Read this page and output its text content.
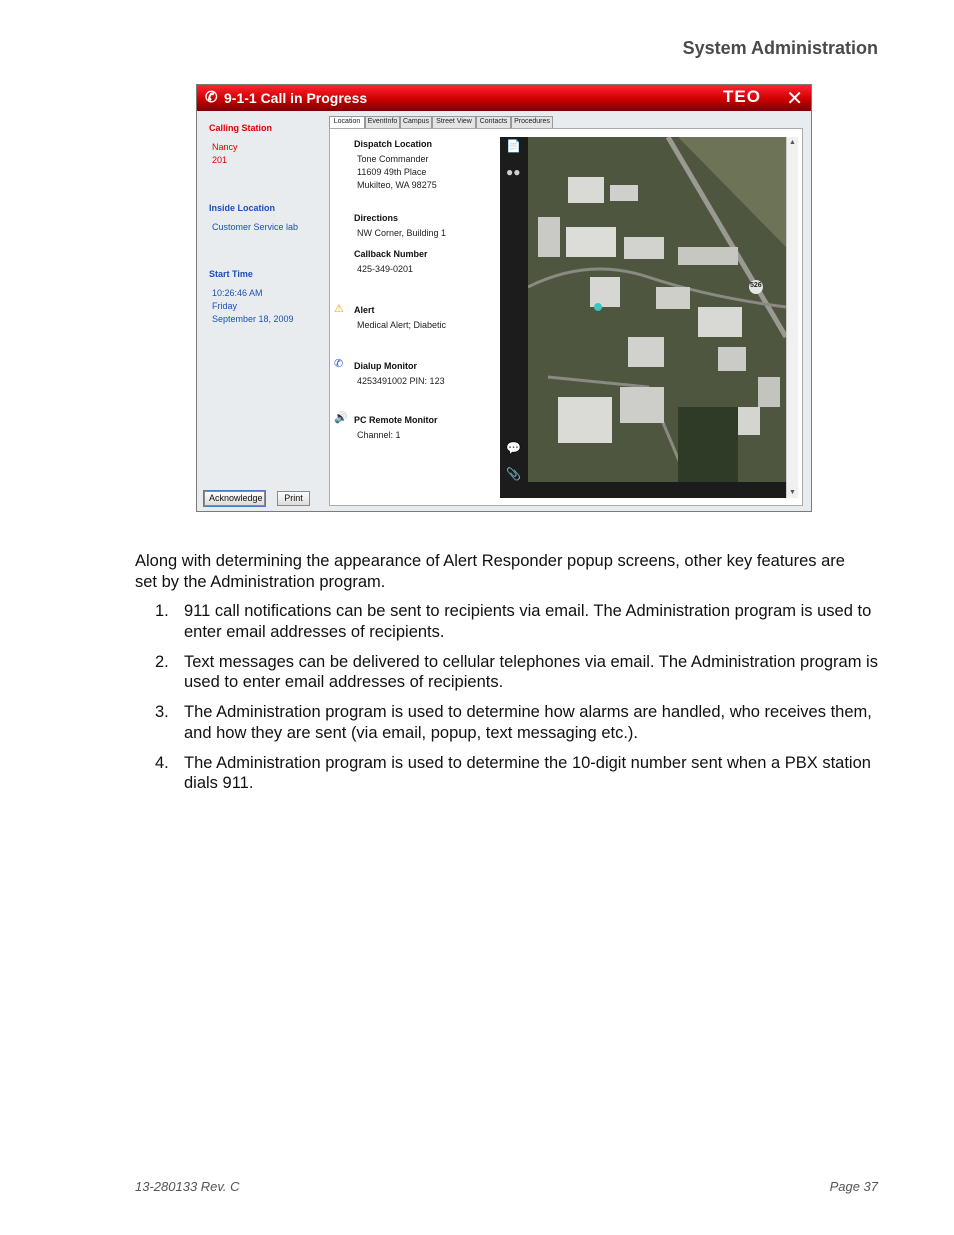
System Administration
✆ 9-1-1 Call in Progress	TEO ✕
Calling Station
Nancy
201
Inside Location
Customer Service lab
Start Time
10:26:46 AM
Friday
September 18, 2009
Acknowledge	Print
Location	EventInfo Campus	Street View	Contacts Procedures
Dispatch Location
Tone Commander
11609 49th Place
Mukilteo, WA 98275
Directions
NW Corner, Building 1
Callback Number
425-349-0201
⚠ Alert
Medical Alert; Diabetic
✆ Dialup Monitor
4253491002 PIN: 123
🔊 PC Remote Monitor
Channel: 1
📄
●●
💬
📎
526
▲
▼
Along with determining the appearance of Alert Responder popup screens, other key features are set by the Administration program.
1. 911 call notifications can be sent to recipients via email. The Administration program is used to enter email addresses of recipients.
2. Text messages can be delivered to cellular telephones via email. The Administration program is used to enter email addresses of recipients.
3. The Administration program is used to determine how alarms are handled, who receives them, and how they are sent (via email, popup, text messaging etc.).
4. The Administration program is used to determine the 10-digit number sent when a PBX station dials 911.
13-280133 Rev. C	Page 37
